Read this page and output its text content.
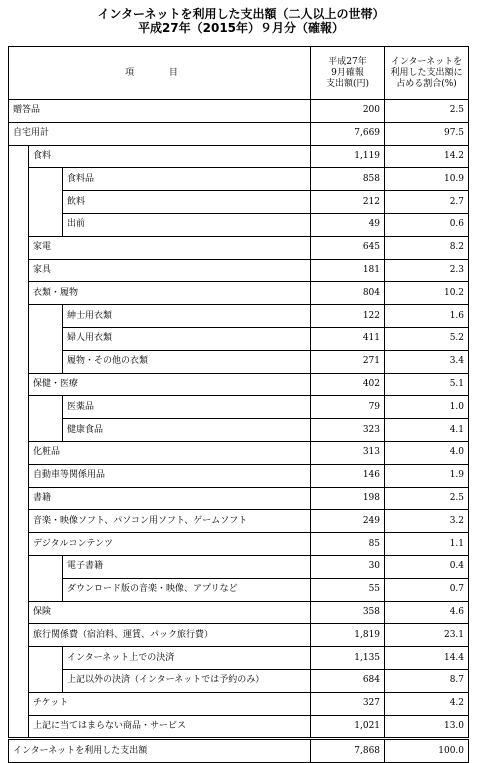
インターネットを利用した支出額（二人以上の世帯）
平成27年（2015年）９月分（確報）
項 目			平成27年
9月確報
支出額(円)	インターネットを
利用した支出額に
占める割合(%)
贈答品			200	2.5
自宅用計			7,669	97.5
	食料		1,119	14.2
		食料品	858	10.9
		飲料	212	2.7
		出前	49	0.6
	家電		645	8.2
	家具		181	2.3
	衣類・履物		804	10.2
		紳士用衣類	122	1.6
		婦人用衣類	411	5.2
		履物・その他の衣類	271	3.4
	保健・医療		402	5.1
		医薬品	79	1.0
		健康食品	323	4.1
	化粧品		313	4.0
	自動車等関係用品		146	1.9
	書籍		198	2.5
	音楽・映像ソフト、パソコン用ソフト、ゲームソフト		249	3.2
	デジタルコンテンツ		85	1.1
		電子書籍	30	0.4
		ダウンロード版の音楽・映像、アプリなど	55	0.7
	保険		358	4.6
	旅行関係費（宿泊料、運賃、パック旅行費）		1,819	23.1
		インターネット上での決済	1,135	14.4
		上記以外の決済（インターネットでは予約のみ）	684	8.7
	チケット		327	4.2
	上記に当てはまらない商品・サービス		1,021	13.0
インターネットを利用した支出額			7,868	100.0
